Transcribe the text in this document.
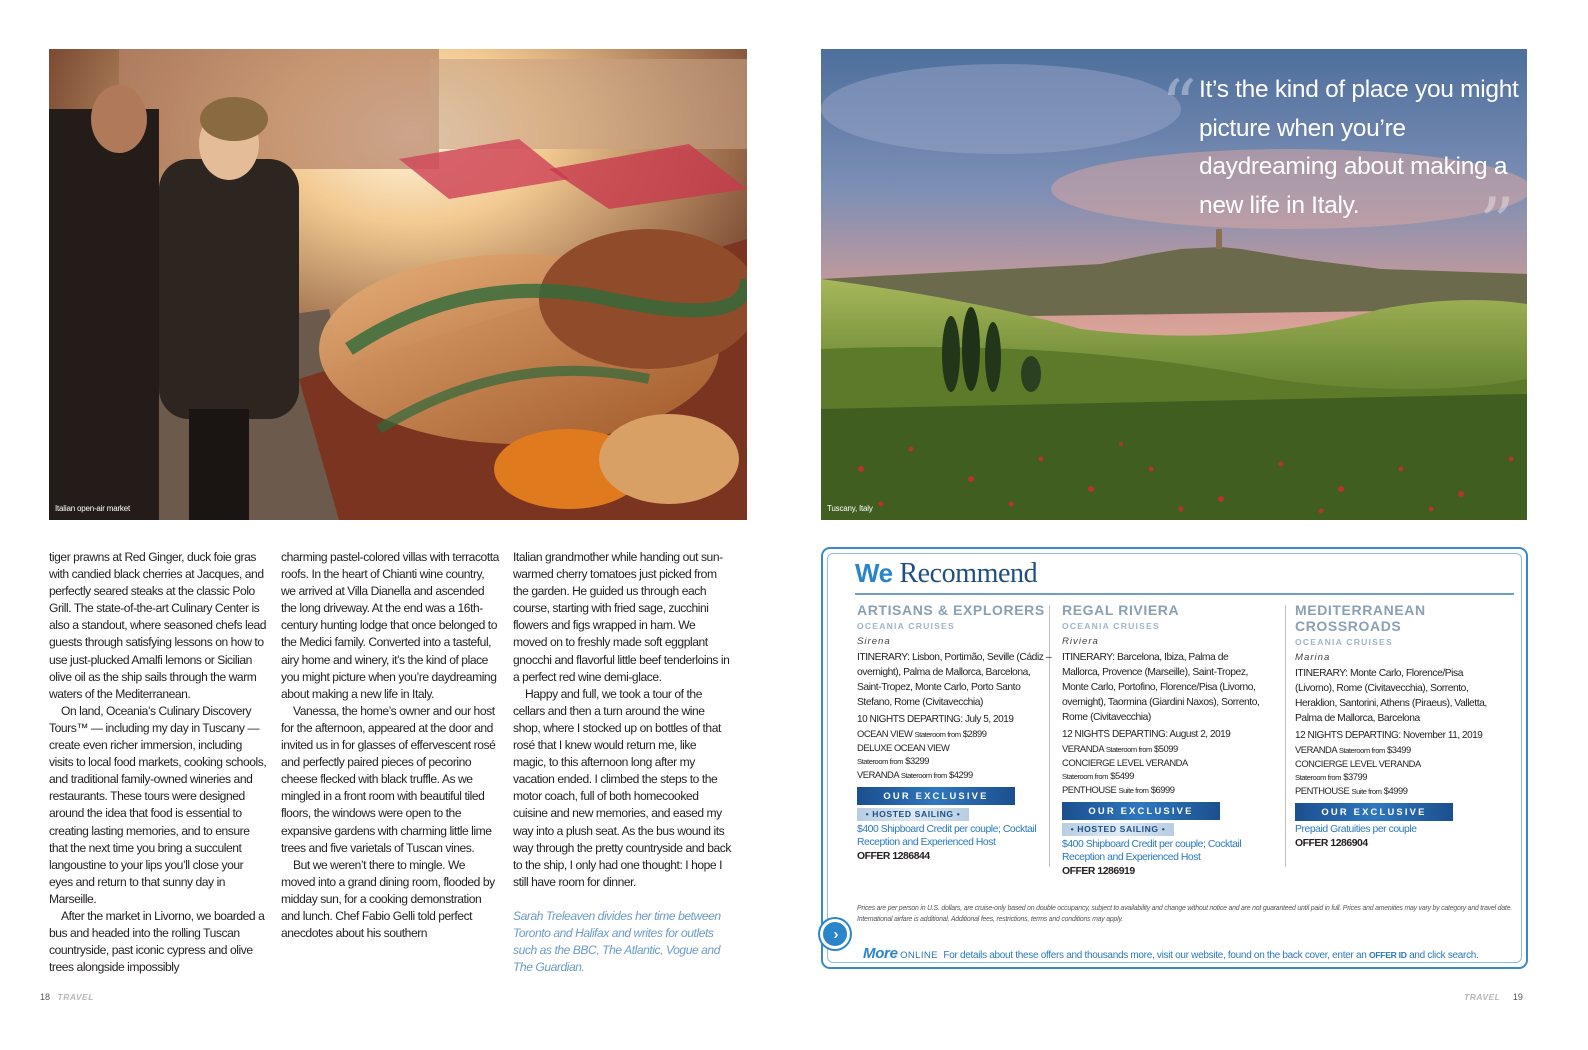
Italian open-air market
“ It’s the kind of place you might picture when you’re daydreaming about making a new life in Italy.	”
Tuscany, Italy

tiger prawns at Red Ginger, duck foie gras with candied black cherries at Jacques, and perfectly seared steaks at the classic Polo Grill. The state-of-the-art Culinary Center is also a standout, where seasoned chefs lead guests through satisfying lessons on how to use just-plucked Amalfi lemons or Sicilian olive oil as the ship sails through the warm waters of the Mediterranean.

On land, Oceania’s Culinary Discovery Tours™ — including my day in Tuscany — create even richer immersion, including visits to local food markets, cooking schools, and traditional family-owned wineries and restaurants. These tours were designed around the idea that food is essential to creating lasting memories, and to ensure that the next time you bring a succulent langoustine to your lips you’ll close your eyes and return to that sunny day in Marseille.

After the market in Livorno, we boarded a bus and headed into the rolling Tuscan countryside, past iconic cypress and olive trees alongside impossibly

charming pastel-colored villas with terracotta roofs. In the heart of Chianti wine country, we arrived at Villa Dianella and ascended the long driveway. At the end was a 16th-century hunting lodge that once belonged to the Medici family. Converted into a tasteful, airy home and winery, it’s the kind of place you might picture when you’re daydreaming about making a new life in Italy.

Vanessa, the home’s owner and our host for the afternoon, appeared at the door and invited us in for glasses of effervescent rosé and perfectly paired pieces of pecorino cheese flecked with black truffle. As we mingled in a front room with beautiful tiled floors, the windows were open to the expansive gardens with charming little lime trees and five varietals of Tuscan vines.

But we weren’t there to mingle. We moved into a grand dining room, flooded by midday sun, for a cooking demonstration and lunch. Chef Fabio Gelli told perfect anecdotes about his southern

Italian grandmother while handing out sun-warmed cherry tomatoes just picked from the garden. He guided us through each course, starting with fried sage, zucchini flowers and figs wrapped in ham. We moved on to freshly made soft eggplant gnocchi and flavorful little beef tenderloins in a perfect red wine demi-glace.

Happy and full, we took a tour of the cellars and then a turn around the wine shop, where I stocked up on bottles of that rosé that I knew would return me, like magic, to this afternoon long after my vacation ended. I climbed the steps to the motor coach, full of both homecooked cuisine and new memories, and eased my way into a plush seat. As the bus wound its way through the pretty countryside and back to the ship, I only had one thought: I hope I still have room for dinner.

Sarah Treleaven divides her time between Toronto and Halifax and writes for outlets such as the BBC, The Atlantic, Vogue and The Guardian.

18 TRAVEL	TRAVEL 19
We Recommend
ARTISANS & EXPLORERS
OCEANIA CRUISES
Sirena
ITINERARY: Lisbon, Portimão, Seville (Cádiz – overnight), Palma de Mallorca, Barcelona, Saint-Tropez, Monte Carlo, Porto Santo Stefano, Rome (Civitavecchia)
10 NIGHTS DEPARTING: July 5, 2019
OCEAN VIEW Stateroom from $2899
DELUXE OCEAN VIEW
Stateroom from $3299
VERANDA Stateroom from $4299
OUR EXCLUSIVE
• HOSTED SAILING •
$400 Shipboard Credit per couple; Cocktail Reception and Experienced Host
OFFER 1286844
REGAL RIVIERA
OCEANIA CRUISES
Riviera
ITINERARY: Barcelona, Ibiza, Palma de Mallorca, Provence (Marseille), Saint-Tropez, Monte Carlo, Portofino, Florence/Pisa (Livorno, overnight), Taormina (Giardini Naxos), Sorrento, Rome (Civitavecchia)
12 NIGHTS DEPARTING: August 2, 2019
VERANDA Stateroom from $5099
CONCIERGE LEVEL VERANDA
Stateroom from $5499
PENTHOUSE Suite from $6999
OUR EXCLUSIVE
• HOSTED SAILING •
$400 Shipboard Credit per couple; Cocktail Reception and Experienced Host
OFFER 1286919
MEDITERRANEAN CROSSROADS
OCEANIA CRUISES
Marina
ITINERARY: Monte Carlo, Florence/Pisa (Livorno), Rome (Civitavecchia), Sorrento, Heraklion, Santorini, Athens (Piraeus), Valletta, Palma de Mallorca, Barcelona
12 NIGHTS DEPARTING: November 11, 2019
VERANDA Stateroom from $3499
CONCIERGE LEVEL VERANDA
Stateroom from $3799
PENTHOUSE Suite from $4999
OUR EXCLUSIVE
Prepaid Gratuities per couple
OFFER 1286904
Prices are per person in U.S. dollars, are cruise-only based on double occupancy, subject to availability and change without notice and are not guaranteed until paid in full. Prices and amenities may vary by category and travel date. International airfare is additional. Additional fees, restrictions, terms and conditions may apply.
›
More ONLINE For details about these offers and thousands more, visit our website, found on the back cover, enter an OFFER ID and click search.
